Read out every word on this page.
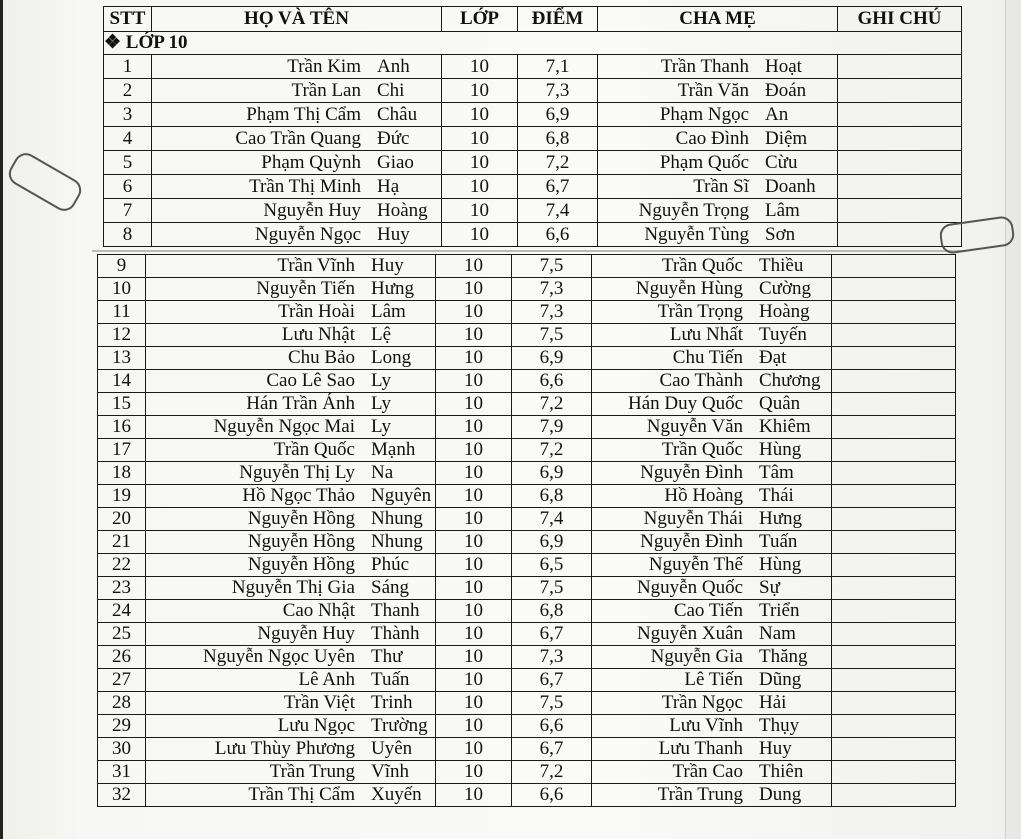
STT	HỌ VÀ TÊN	LỚP	ĐIỂM	CHA MẸ	GHI CHÚ
❖ LỚP 10					
1	Trần Kim Anh	10	7,1	Trần Thanh Hoạt	

2	Trần Lan Chi	10	7,3	Trần Văn Đoán	

3	Phạm Thị Cẩm Châu	10	6,9	Phạm Ngọc An	

4	Cao Trần Quang Đức	10	6,8	Cao Đình Diệm	

5	Phạm Quỳnh Giao	10	7,2	Phạm Quốc Cừu	

6	Trần Thị Minh Hạ	10	6,7	Trần Sĩ Doanh	

7	Nguyễn Huy Hoàng	10	7,4	Nguyễn Trọng Lâm	

8	Nguyễn Ngọc Huy	10	6,6	Nguyễn Tùng Sơn	

9	Trần Vĩnh Huy	10	7,5	Trần Quốc Thiều	

10	Nguyễn Tiến Hưng	10	7,3	Nguyễn Hùng Cường	

11	Trần Hoài Lâm	10	7,3	Trần Trọng Hoàng	

12	Lưu Nhật Lệ	10	7,5	Lưu Nhất Tuyến	

13	Chu Bảo Long	10	6,9	Chu Tiến Đạt	

14	Cao Lê Sao Ly	10	6,6	Cao Thành Chương	

15	Hán Trần Ánh Ly	10	7,2	Hán Duy Quốc Quân	

16	Nguyễn Ngọc Mai Ly	10	7,9	Nguyễn Văn Khiêm	

17	Trần Quốc Mạnh	10	7,2	Trần Quốc Hùng	

18	Nguyễn Thị Ly Na	10	6,9	Nguyễn Đình Tâm	

19	Hồ Ngọc Thảo Nguyên	10	6,8	Hồ Hoàng Thái	

20	Nguyễn Hồng Nhung	10	7,4	Nguyễn Thái Hưng	

21	Nguyễn Hồng Nhung	10	6,9	Nguyễn Đình Tuấn	

22	Nguyễn Hồng Phúc	10	6,5	Nguyễn Thế Hùng	

23	Nguyễn Thị Gia Sáng	10	7,5	Nguyễn Quốc Sự	

24	Cao Nhật Thanh	10	6,8	Cao Tiến Triển	

25	Nguyễn Huy Thành	10	6,7	Nguyễn Xuân Nam	

26	Nguyễn Ngọc Uyên Thư	10	7,3	Nguyễn Gia Thăng	

27	Lê Anh Tuấn	10	6,7	Lê Tiến Dũng	

28	Trần Việt Trinh	10	7,5	Trần Ngọc Hải	

29	Lưu Ngọc Trường	10	6,6	Lưu Vĩnh Thụy	

30	Lưu Thùy Phương Uyên	10	6,7	Lưu Thanh Huy	

31	Trần Trung Vĩnh	10	7,2	Trần Cao Thiên	

32	Trần Thị Cẩm Xuyến	10	6,6	Trần Trung Dung	
